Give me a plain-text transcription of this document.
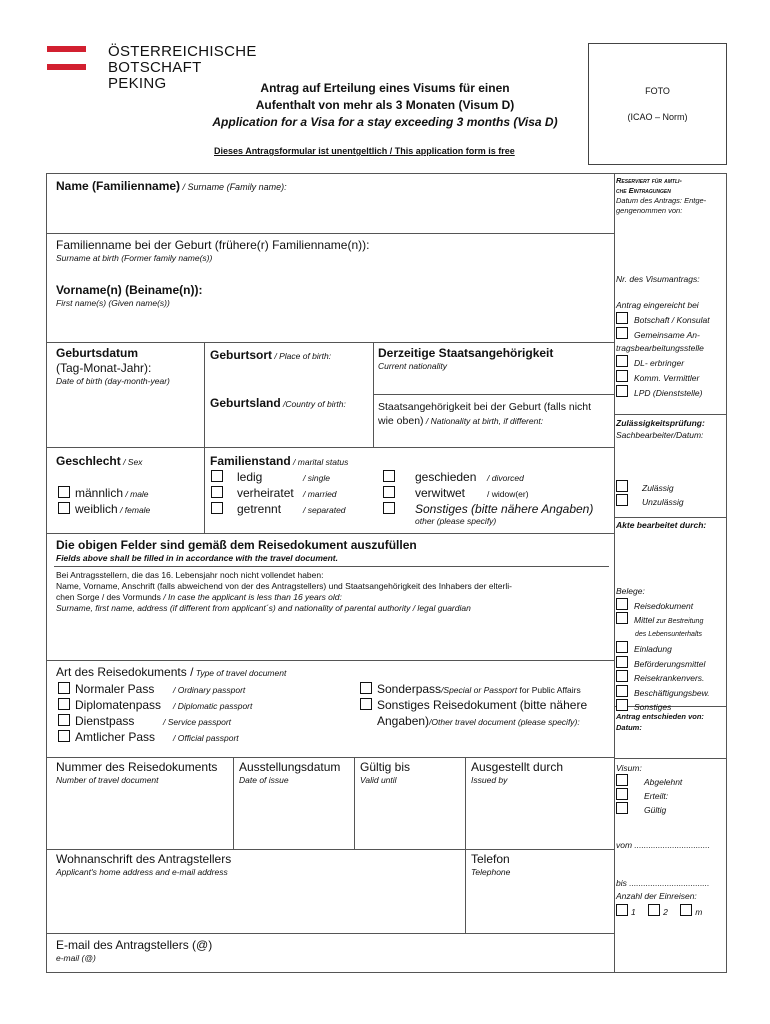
ÖSTERREICHISCHE
BOTSCHAFT
PEKING	Antrag auf Erteilung eines Visums für einen
Aufenthalt von mehr als 3 Monaten (Visum D)
Application for a Visa for a stay exceeding 3 months (Visa D)
Dieses Antragsformular ist unentgeltlich / This application form is free
FOTO
(ICAO – Norm)
Name (Familienname) / Surname (Family name):
Familienname bei der Geburt (frühere(r) Familienname(n)):
Surname at birth (Former family name(s))
Vorname(n) (Beiname(n)):
First name(s) (Given name(s))
Geburtsdatum
(Tag-Monat-Jahr):
Date of birth (day-month-year)
Geburtsort / Place of birth:
Geburtsland /Country of birth:
Derzeitige Staatsangehörigkeit
Current nationality
Staatsangehörigkeit bei der Geburt (falls nicht
wie oben) / Nationality at birth, if different:
Geschlecht / Sex
männlich / male
weiblich / female
Familienstand / marital status
ledig	/ single
verheiratet / married
getrennt	/ separated
geschieden / divorced
verwitwet	/ widow(er)
Sonstiges (bitte nähere Angaben)
other (please specify)
Die obigen Felder sind gemäß dem Reisedokument auszufüllen
Fields above shall be filled in in accordance with the travel document.
Bei Antragsstellern, die das 16. Lebensjahr noch nicht vollendet haben:
Name, Vorname, Anschrift (falls abweichend von der des Antragstellers) und Staatsangehörigkeit des Inhabers der elterli-
chen Sorge / des Vormunds / In case the applicant is less than 16 years old:
Surname, first name, address (if different from applicant´s) and nationality of parental authority / legal guardian
Art des Reisedokuments / Type of travel document
Normaler Pass / Ordinary passport
Diplomatenpass / Diplomatic passport
Dienstpass	/ Service passport
Amtlicher Pass / Official passport
Sonderpass/Special or Passport for Public Affairs
Sonstiges Reisedokument (bitte nähere
Angaben)/Other travel document (please specify):
Nummer des Reisedokuments
Number of travel document
Ausstellungsdatum
Date of issue
Gültig bis
Valid until
Ausgestellt durch
Issued by
Wohnanschrift des Antragstellers
Applicant's home address and e-mail address
Telefon
Telephone
E-mail des Antragstellers (@)
e-mail (@)
Reserviert für amtli-
che Eintragungen
Datum des Antrags: Entge-
gengenommen von:
Nr. des Visumantrags:
Antrag eingereicht bei
Botschaft / Konsulat
Gemeinsame An-
tragsbearbeitungsstelle
DL- erbringer
Komm. Vermittler
LPD (Dienststelle)
Zulässigkeitsprüfung:
Sachbearbeiter/Datum:
Zulässig
Unzulässig
Akte bearbeitet durch:
Belege:
Reisedokument
Mittel zur Bestreitung
des Lebensunterhalts
Einladung
Beförderungsmittel
Reisekrankenvers.
Beschäftigungsbew.
Sonstiges
Antrag entschieden von:
Datum:
Visum:
Abgelehnt
Erteilt:
Gültig
vom ................................
bis ..................................
Anzahl der Einreisen:
1	2	m
